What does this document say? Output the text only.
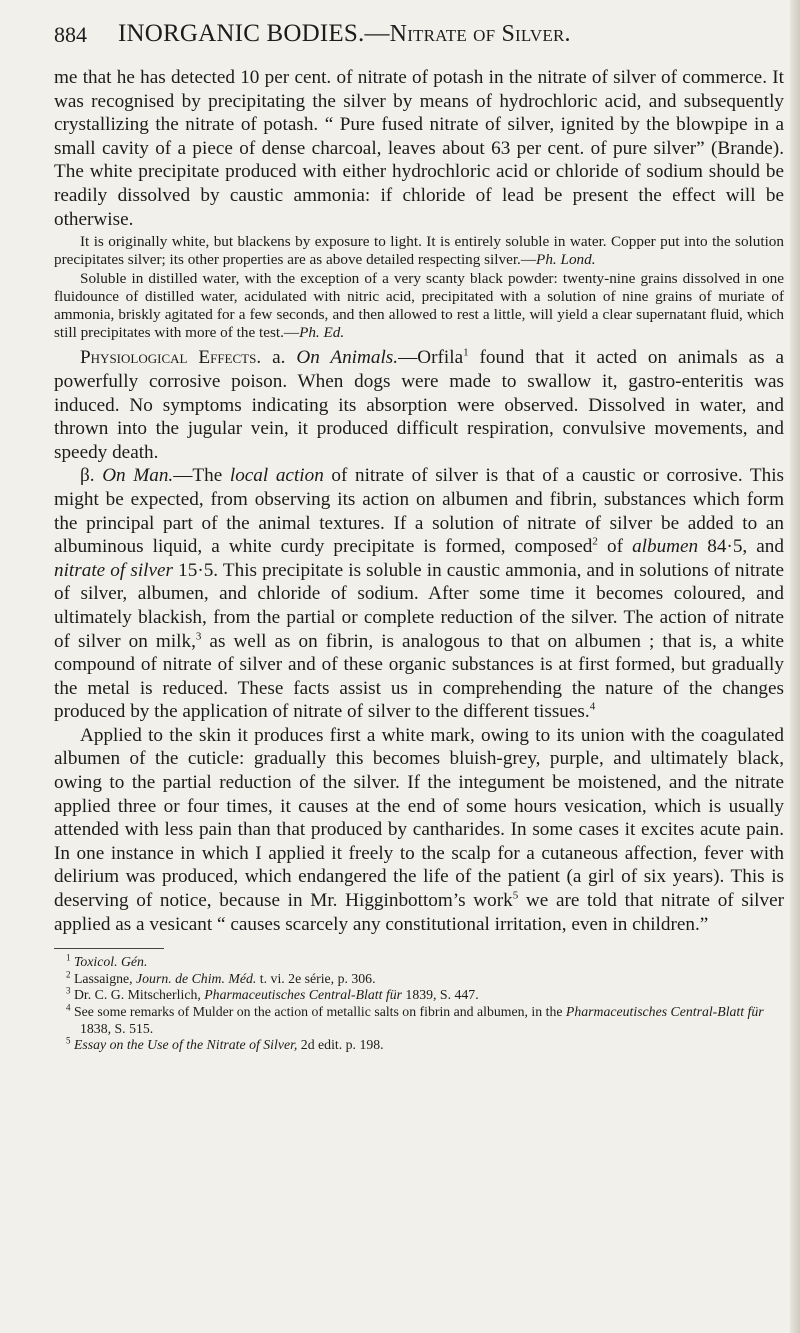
884 INORGANIC BODIES.—Nitrate of Silver.

me that he has detected 10 per cent. of nitrate of potash in the nitrate of silver of commerce. It was recognised by precipitating the silver by means of hydrochloric acid, and subsequently crystallizing the nitrate of potash. “ Pure fused nitrate of silver, ignited by the blowpipe in a small cavity of a piece of dense charcoal, leaves about 63 per cent. of pure silver” (Brande). The white precipitate produced with either hydrochloric acid or chloride of sodium should be readily dissolved by caustic ammonia: if chloride of lead be present the effect will be otherwise.

It is originally white, but blackens by exposure to light. It is entirely soluble in water. Copper put into the solution precipitates silver; its other properties are as above detailed respecting silver.—Ph. Lond.

Soluble in distilled water, with the exception of a very scanty black powder: twenty-nine grains dissolved in one fluidounce of distilled water, acidulated with nitric acid, precipitated with a solution of nine grains of muriate of ammonia, briskly agitated for a few seconds, and then allowed to rest a little, will yield a clear supernatant fluid, which still precipitates with more of the test.—Ph. Ed.

Physiological Effects. a. On Animals.—Orfila$^1$ found that it acted on animals as a powerfully corrosive poison. When dogs were made to swallow it, gastro-enteritis was induced. No symptoms indicating its absorption were observed. Dissolved in water, and thrown into the jugular vein, it produced difficult respiration, convulsive movements, and speedy death.

β. On Man.—The local action of nitrate of silver is that of a caustic or corrosive. This might be expected, from observing its action on albumen and fibrin, substances which form the principal part of the animal textures. If a solution of nitrate of silver be added to an albuminous liquid, a white curdy precipitate is formed, composed$^2$ of albumen 84·5, and nitrate of silver 15·5. This precipitate is soluble in caustic ammonia, and in solutions of nitrate of silver, albumen, and chloride of sodium. After some time it becomes coloured, and ultimately blackish, from the partial or complete reduction of the silver. The action of nitrate of silver on milk,$^3$ as well as on fibrin, is analogous to that on albumen ; that is, a white compound of nitrate of silver and of these organic substances is at first formed, but gradually the metal is reduced. These facts assist us in comprehending the nature of the changes produced by the application of nitrate of silver to the different tissues.$^4$

Applied to the skin it produces first a white mark, owing to its union with the coagulated albumen of the cuticle: gradually this becomes bluish-grey, purple, and ultimately black, owing to the partial reduction of the silver. If the integument be moistened, and the nitrate applied three or four times, it causes at the end of some hours vesication, which is usually attended with less pain than that produced by cantharides. In some cases it excites acute pain. In one instance in which I applied it freely to the scalp for a cutaneous affection, fever with delirium was produced, which endangered the life of the patient (a girl of six years). This is deserving of notice, because in Mr. Higginbottom’s work$^5$ we are told that nitrate of silver applied as a vesicant “ causes scarcely any constitutional irritation, even in children.”

$^1$ Toxicol. Gén.

$^2$ Lassaigne, Journ. de Chim. Méd. t. vi. 2e série, p. 306.

$^3$ Dr. C. G. Mitscherlich, Pharmaceutisches Central-Blatt für 1839, S. 447.

$^4$ See some remarks of Mulder on the action of metallic salts on fibrin and albumen, in the Pharmaceutisches Central-Blatt für 1838, S. 515.

$^5$ Essay on the Use of the Nitrate of Silver, 2d edit. p. 198.
